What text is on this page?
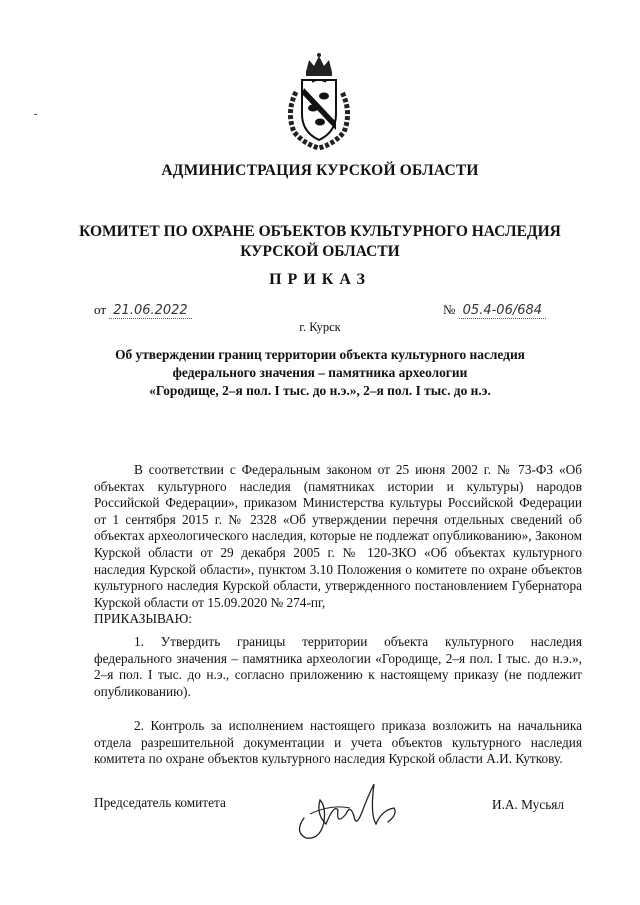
АДМИНИСТРАЦИЯ КУРСКОЙ ОБЛАСТИ
КОМИТЕТ ПО ОХРАНЕ ОБЪЕКТОВ КУЛЬТУРНОГО НАСЛЕДИЯ
КУРСКОЙ ОБЛАСТИ
ПРИКАЗ
от 21.06.2022	№ 05.4-06/684
г. Курск
Об утверждении границ территории объекта культурного наследия
федерального значения – памятника археологии
«Городище, 2–я пол. I тыс. до н.э.», 2–я пол. I тыс. до н.э.
В соответствии с Федеральным законом от 25 июня 2002 г. № 73-ФЗ «Об объектах культурного наследия (памятниках истории и культуры) народов Российской Федерации», приказом Министерства культуры Российской Федерации от 1 сентября 2015 г. № 2328 «Об утверждении перечня отдельных сведений об объектах археологического наследия, которые не подлежат опубликованию», Законом Курской области от 29 декабря 2005 г. № 120-ЗКО «Об объектах культурного наследия Курской области», пунктом 3.10 Положения о комитете по охране объектов культурного наследия Курской области, утвержденного постановлением Губернатора Курской области от 15.09.2020 № 274-пг,
ПРИКАЗЫВАЮ:
1. Утвердить границы территории объекта культурного наследия федерального значения – памятника археологии «Городище, 2–я пол. I тыс. до н.э.», 2–я пол. I тыс. до н.э., согласно приложению к настоящему приказу (не подлежит опубликованию).
2. Контроль за исполнением настоящего приказа возложить на начальника отдела разрешительной документации и учета объектов культурного наследия комитета по охране объектов культурного наследия Курской области А.И. Куткову.
Председатель комитета	И.А. Мусьял
